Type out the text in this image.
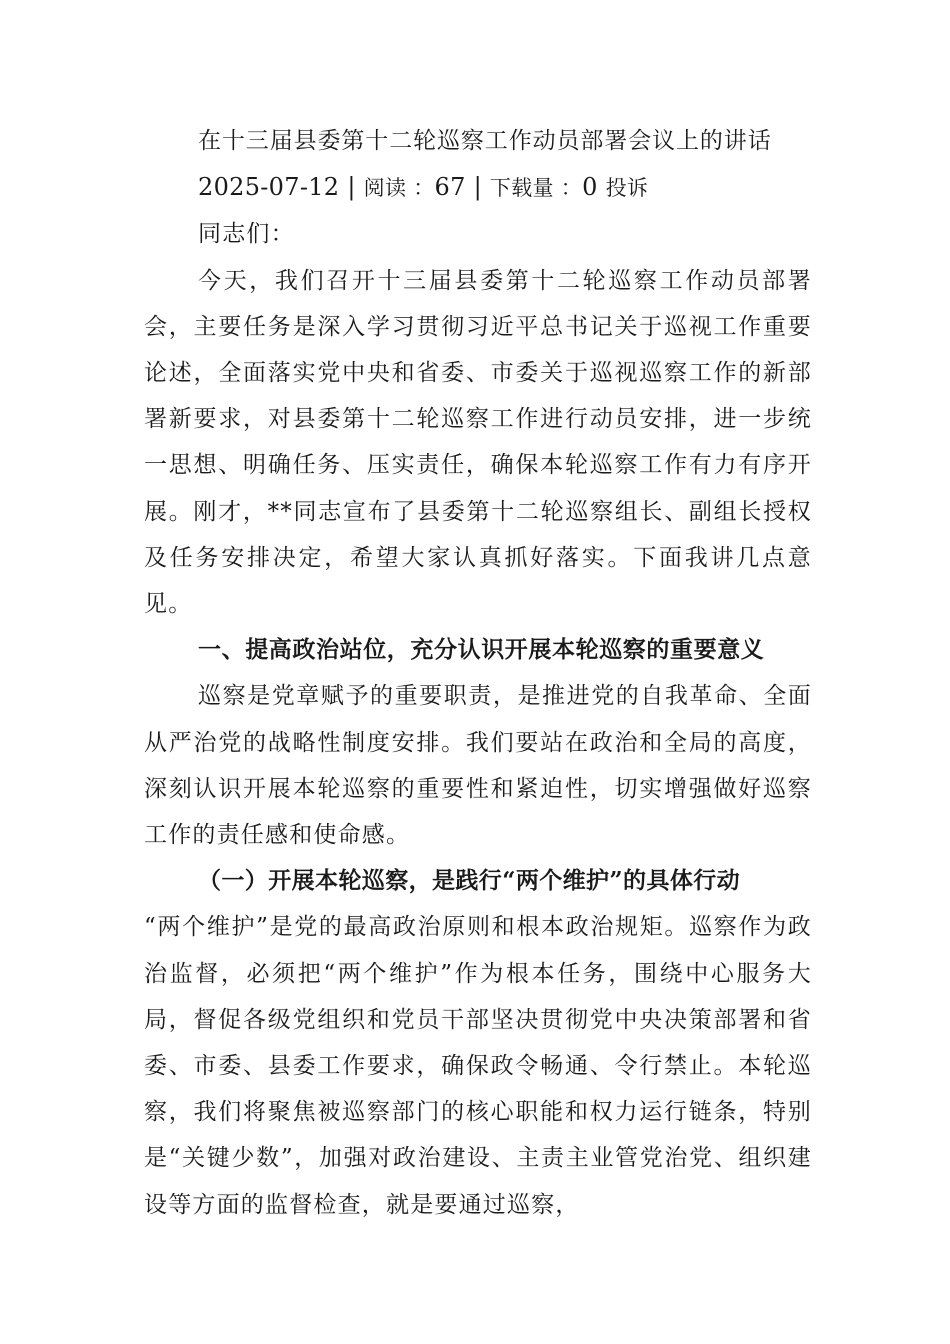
在十三届县委第十二轮巡察工作动员部署会议上的讲话

2025-07-12 | 阅读 ：67 | 下载量 ：0 投诉

同志们：

今天，我们召开十三届县委第十二轮巡察工作动员部署会，主要任务是深入学习贯彻习近平总书记关于巡视工作重要论述，全面落实党中央和省委、市委关于巡视巡察工作的新部署新要求，对县委第十二轮巡察工作进行动员安排，进一步统一思想、明确任务、压实责任，确保本轮巡察工作有力有序开展。刚才，**同志宣布了县委第十二轮巡察组长、副组长授权及任务安排决定，希望大家认真抓好落实。下面我讲几点意见。

一、提高政治站位，充分认识开展本轮巡察的重要意义

巡察是党章赋予的重要职责，是推进党的自我革命、全面从严治党的战略性制度安排。我们要站在政治和全局的高度，深刻认识开展本轮巡察的重要性和紧迫性，切实增强做好巡察工作的责任感和使命感。

（一）开展本轮巡察，是践行“两个维护”的具体行动

“两个维护”是党的最高政治原则和根本政治规矩。巡察作为政治监督，必须把“两个维护”作为根本任务，围绕中心服务大局，督促各级党组织和党员干部坚决贯彻党中央决策部署和省委、市委、县委工作要求，确保政令畅通、令行禁止。本轮巡察，我们将聚焦被巡察部门的核心职能和权力运行链条，特别是“关键少数”，加强对政治建设、主责主业管党治党、组织建设等方面的监督检查，就是要通过巡察，
